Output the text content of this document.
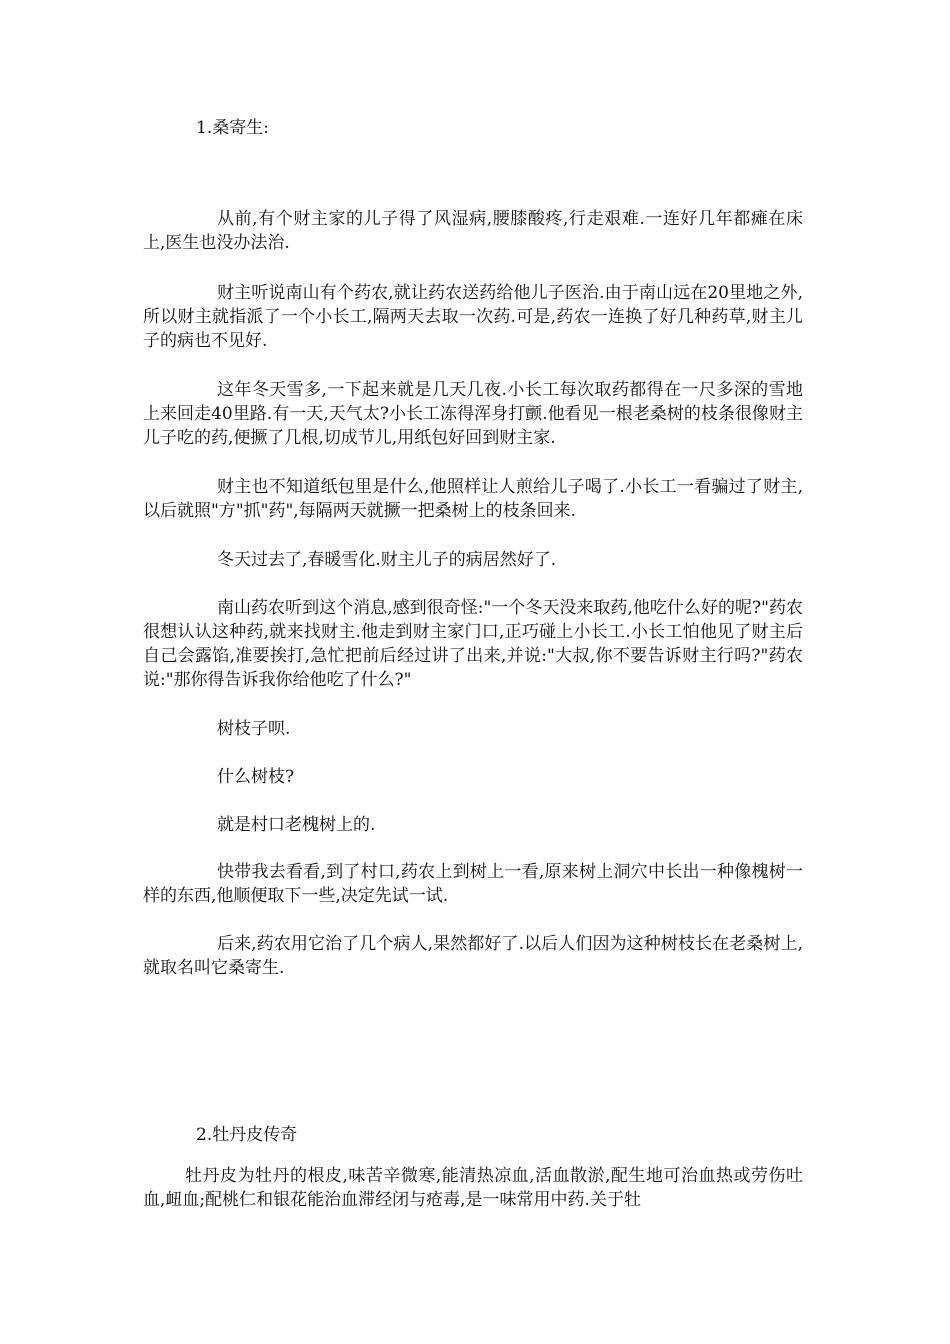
1.桑寄生:

从前,有个财主家的儿子得了风湿病,腰膝酸疼,行走艰难.一连好几年都瘫在床上,医生也没办法治.

财主听说南山有个药农,就让药农送药给他儿子医治.由于南山远在20里地之外,所以财主就指派了一个小长工,隔两天去取一次药.可是,药农一连换了好几种药草,财主儿子的病也不见好.

这年冬天雪多,一下起来就是几天几夜.小长工每次取药都得在一尺多深的雪地上来回走40里路.有一天,天气太?小长工冻得浑身打颤.他看见一根老桑树的枝条很像财主儿子吃的药,便撅了几根,切成节儿,用纸包好回到财主家.

财主也不知道纸包里是什么,他照样让人煎给儿子喝了.小长工一看骗过了财主,以后就照"方"抓"药",每隔两天就撅一把桑树上的枝条回来.

冬天过去了,春暖雪化.财主儿子的病居然好了.

南山药农听到这个消息,感到很奇怪:"一个冬天没来取药,他吃什么好的呢?"药农很想认认这种药,就来找财主.他走到财主家门口,正巧碰上小长工.小长工怕他见了财主后自己会露馅,准要挨打,急忙把前后经过讲了出来,并说:"大叔,你不要告诉财主行吗?"药农说:"那你得告诉我你给他吃了什么?"

树枝子呗.

什么树枝?

就是村口老槐树上的.

快带我去看看,到了村口,药农上到树上一看,原来树上洞穴中长出一种像槐树一样的东西,他顺便取下一些,决定先试一试.

后来,药农用它治了几个病人,果然都好了.以后人们因为这种树枝长在老桑树上,就取名叫它桑寄生.

2.牡丹皮传奇

牡丹皮为牡丹的根皮,味苦辛微寒,能清热凉血,活血散淤,配生地可治血热或劳伤吐血,衄血;配桃仁和银花能治血滞经闭与疮毒,是一味常用中药.关于牡
